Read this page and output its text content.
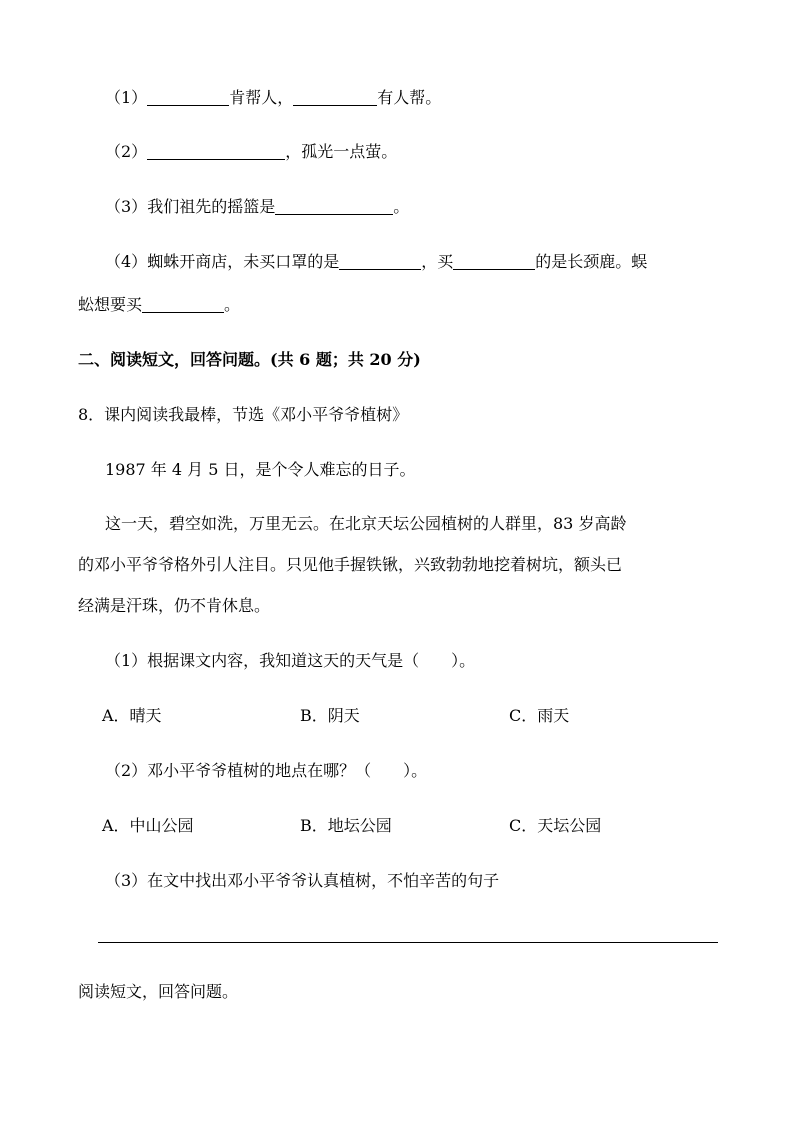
（1）	肯帮人，	有人帮。
（2）	，孤光一点萤。
（3）我们祖先的摇篮是	。
（4）蜘蛛开商店，未买口罩的是	，买	的是长颈鹿。蜈
蚣想要买	。
二、阅读短文，回答问题。(共 6 题；共 20 分)
8．课内阅读我最棒，节选《邓小平爷爷植树》
1987 年 4 月 5 日，是个令人难忘的日子。
这一天，碧空如洗，万里无云。在北京天坛公园植树的人群里，83 岁高龄
的邓小平爷爷格外引人注目。只见他手握铁锹，兴致勃勃地挖着树坑，额头已
经满是汗珠，仍不肯休息。
（1）根据课文内容，我知道这天的天气是（　　）。
A．晴天	B．阴天	C．雨天
（2）邓小平爷爷植树的地点在哪？（　　）。
A．中山公园	B．地坛公园	C．天坛公园
（3）在文中找出邓小平爷爷认真植树，不怕辛苦的句子
阅读短文，回答问题。
